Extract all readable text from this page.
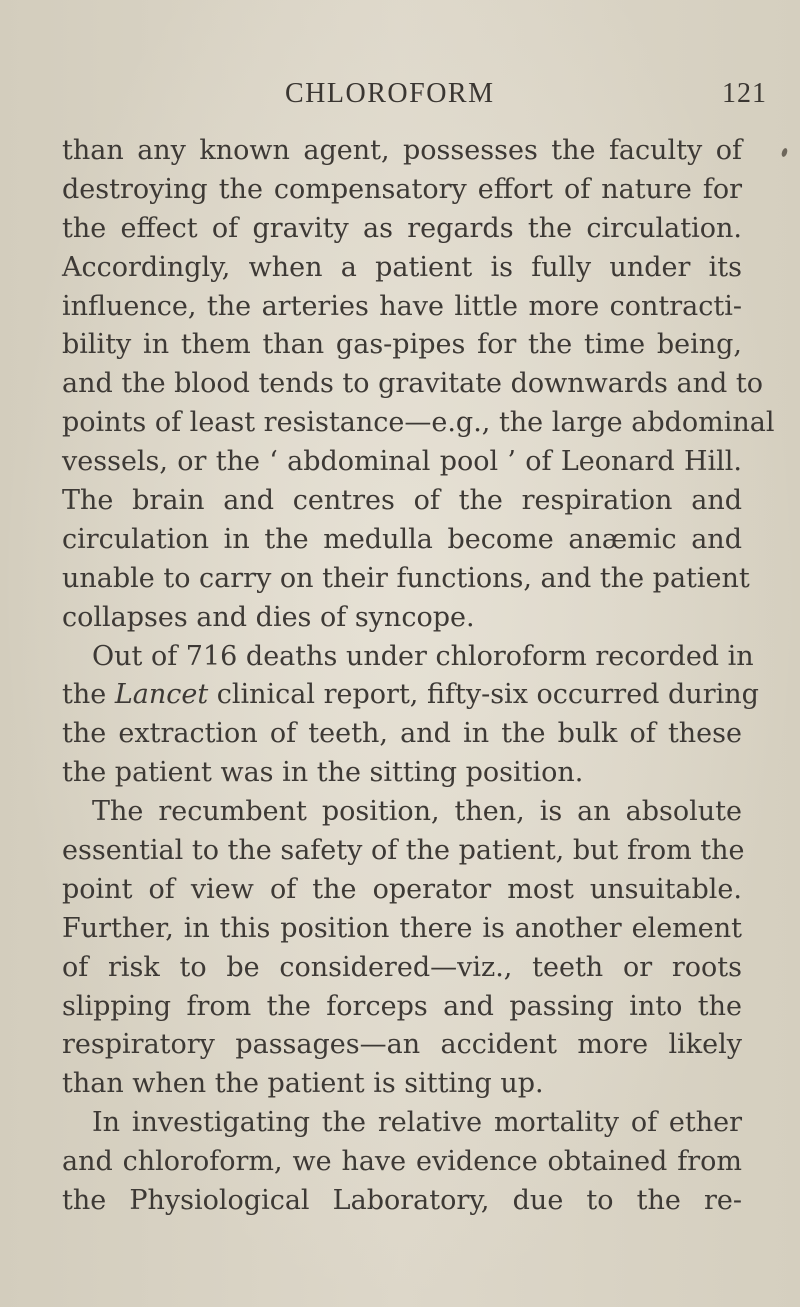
CHLOROFORM	121
than any known agent, possesses the faculty of
destroying the compensatory effort of nature for
the effect of gravity as regards the circulation.
Accordingly, when a patient is fully under its
influence, the arteries have little more contracti-
bility in them than gas-pipes for the time being,
and the blood tends to gravitate downwards and to
points of least resistance—e.g., the large abdominal
vessels, or the ‘ abdominal pool ’ of Leonard Hill.
The brain and centres of the respiration and
circulation in the medulla become anæmic and
unable to carry on their functions, and the patient
collapses and dies of syncope.
Out of 716 deaths under chloroform recorded in
the Lancet clinical report, fifty-six occurred during
the extraction of teeth, and in the bulk of these
the patient was in the sitting position.
The recumbent position, then, is an absolute
essential to the safety of the patient, but from the
point of view of the operator most unsuitable.
Further, in this position there is another element
of risk to be considered—viz., teeth or roots
slipping from the forceps and passing into the
respiratory passages—an accident more likely
than when the patient is sitting up.
In investigating the relative mortality of ether
and chloroform, we have evidence obtained from
the Physiological Laboratory, due to the re-
